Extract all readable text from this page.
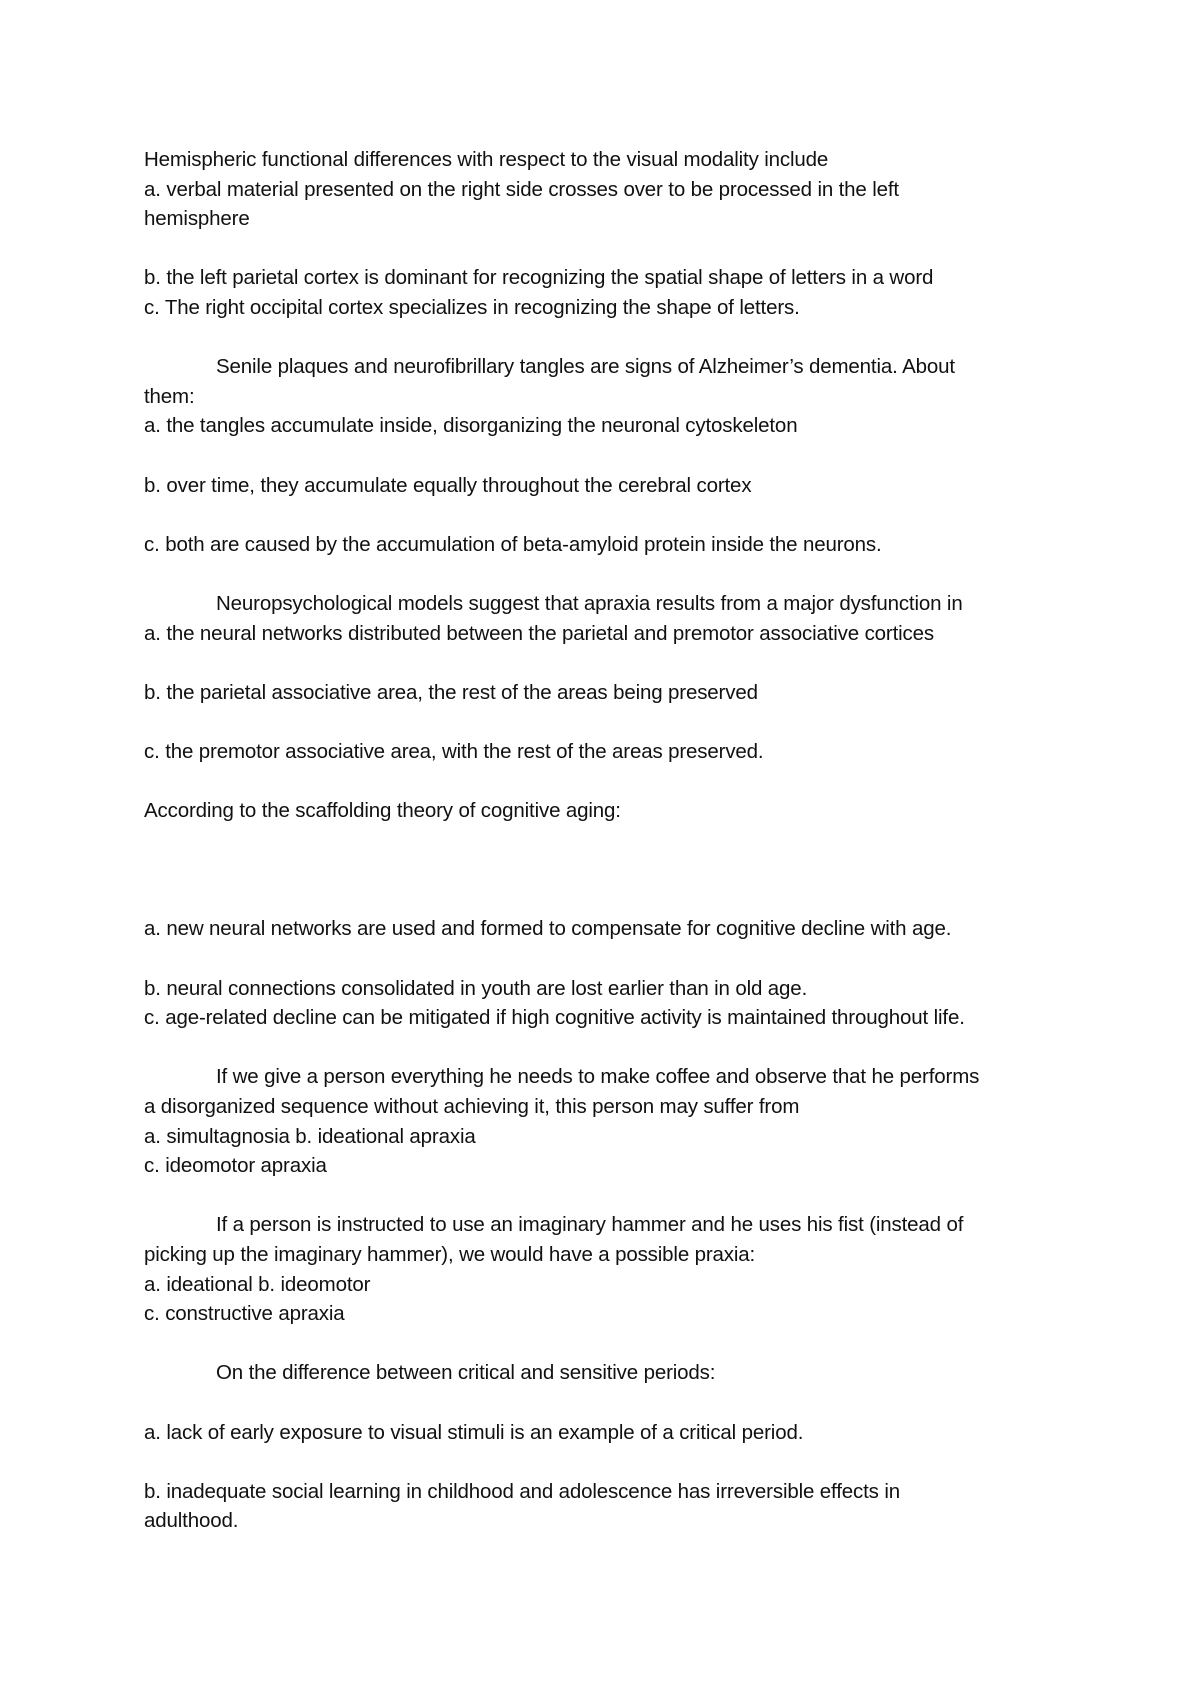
Hemispheric functional differences with respect to the visual modality include
a. verbal material presented on the right side crosses over to be processed in the left
hemisphere
b. the left parietal cortex is dominant for recognizing the spatial shape of letters in a word
c. The right occipital cortex specializes in recognizing the shape of letters.
Senile plaques and neurofibrillary tangles are signs of Alzheimer’s dementia. About
them:
a. the tangles accumulate inside, disorganizing the neuronal cytoskeleton
b. over time, they accumulate equally throughout the cerebral cortex
c. both are caused by the accumulation of beta-amyloid protein inside the neurons.
Neuropsychological models suggest that apraxia results from a major dysfunction in
a. the neural networks distributed between the parietal and premotor associative cortices
b. the parietal associative area, the rest of the areas being preserved
c. the premotor associative area, with the rest of the areas preserved.
According to the scaffolding theory of cognitive aging:
a. new neural networks are used and formed to compensate for cognitive decline with age.
b. neural connections consolidated in youth are lost earlier than in old age.
c. age-related decline can be mitigated if high cognitive activity is maintained throughout life.
If we give a person everything he needs to make coffee and observe that he performs
a disorganized sequence without achieving it, this person may suffer from
a. simultagnosia b. ideational apraxia
c. ideomotor apraxia
If a person is instructed to use an imaginary hammer and he uses his fist (instead of
picking up the imaginary hammer), we would have a possible praxia:
a. ideational b. ideomotor
c. constructive apraxia
On the difference between critical and sensitive periods:
a. lack of early exposure to visual stimuli is an example of a critical period.
b. inadequate social learning in childhood and adolescence has irreversible effects in
adulthood.
